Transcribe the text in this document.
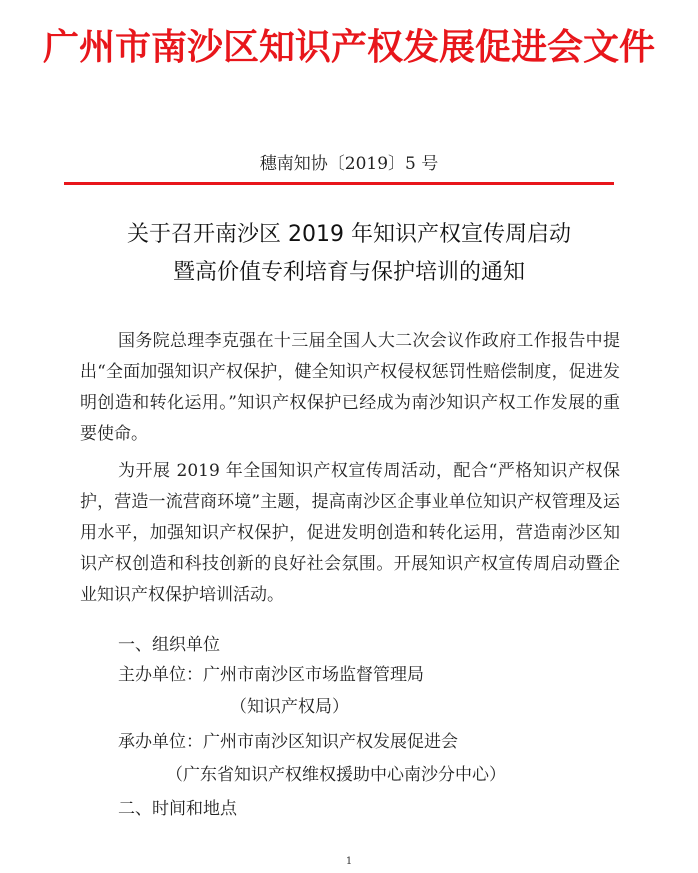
广州市南沙区知识产权发展促进会文件
穗南知协〔2019〕5 号
关于召开南沙区 2019 年知识产权宣传周启动
暨高价值专利培育与保护培训的通知
国务院总理李克强在十三届全国人大二次会议作政府工作报告中提出“全面加强知识产权保护，健全知识产权侵权惩罚性赔偿制度，促进发明创造和转化运用。”知识产权保护已经成为南沙知识产权工作发展的重要使命。
为开展 2019 年全国知识产权宣传周活动，配合“严格知识产权保护，营造一流营商环境”主题，提高南沙区企事业单位知识产权管理及运用水平，加强知识产权保护，促进发明创造和转化运用，营造南沙区知识产权创造和科技创新的良好社会氛围。开展知识产权宣传周启动暨企业知识产权保护培训活动。
一、组织单位
主办单位：广州市南沙区市场监督管理局
（知识产权局）
承办单位：广州市南沙区知识产权发展促进会
（广东省知识产权维权援助中心南沙分中心）
二、时间和地点
1
